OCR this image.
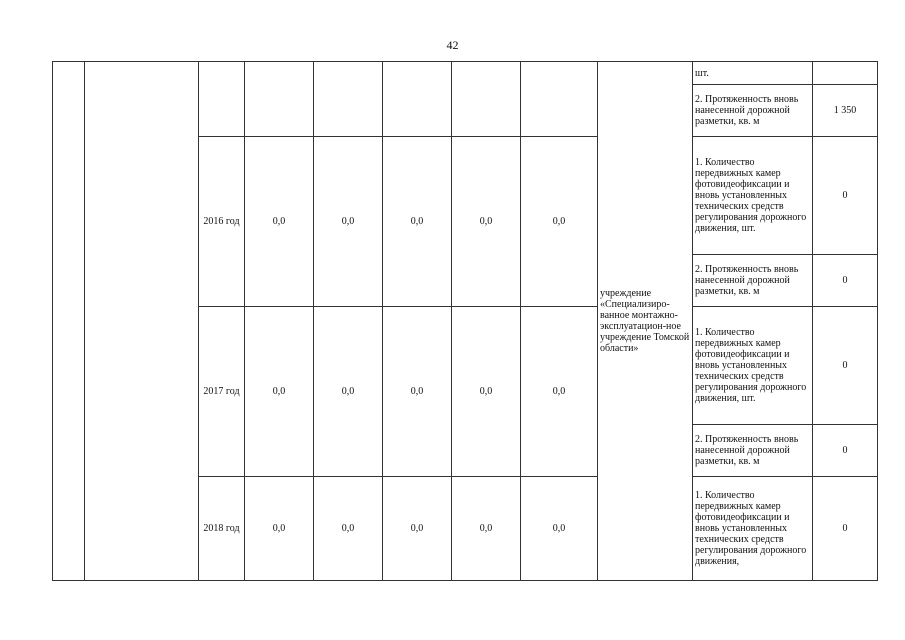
42
								учреждение «Специализиро-ванное монтажно-эксплуатацион-ное учреждение Томской области»	шт.	
									2. Протяженность вновь нанесенной дорожной разметки, кв. м	1 350
		2016 год	0,0	0,0	0,0	0,0	0,0		1. Количество передвижных камер фотовидеофиксации и вновь установленных технических средств регулирования дорожного движения, шт.	0
									2. Протяженность вновь нанесенной дорожной разметки, кв. м	0
		2017 год	0,0	0,0	0,0	0,0	0,0		1. Количество передвижных камер фотовидеофиксации и вновь установленных технических средств регулирования дорожного движения, шт.	0
									2. Протяженность вновь нанесенной дорожной разметки, кв. м	0
		2018 год	0,0	0,0	0,0	0,0	0,0		1. Количество передвижных камер фотовидеофиксации и вновь установленных технических средств регулирования дорожного движения,	0
